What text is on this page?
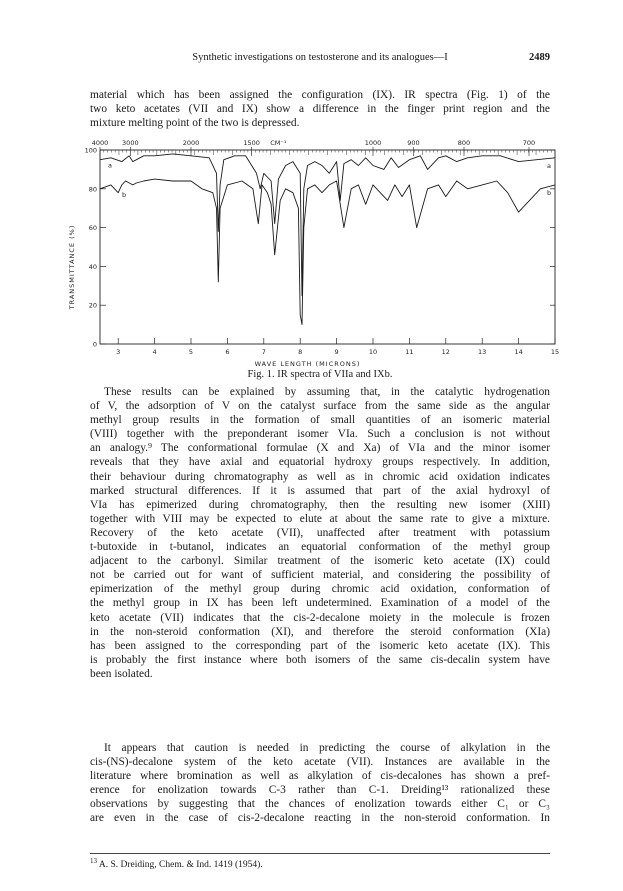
Synthetic investigations on testosterone and its analogues—I	2489
material which has been assigned the configuration (IX). IR spectra (Fig. 1) of the
two keto acetates (VII and IX) show a difference in the finger print region and the
mixture melting point of the two is depressed.
4000 3000	2000	1500	1000	900	800	700
CM⁻¹
3	4	5	6	7	8	9	10	11	12	13	14	15
0
20
40
60
80
100
WAVE LENGTH (MICRONS)
TRANSMITTANCE (%)
a	a
b	b
Fig. 1. IR spectra of VIIa and IXb.
These results can be explained by assuming that, in the catalytic hydrogenation
of V, the adsorption of V on the catalyst surface from the same side as the angular
methyl group results in the formation of small quantities of an isomeric material
(VIII) together with the preponderant isomer VIa. Such a conclusion is not without
an analogy.⁹ The conformational formulae (X and Xa) of VIa and the minor isomer
reveals that they have axial and equatorial hydroxy groups respectively. In addition,
their behaviour during chromatography as well as in chromic acid oxidation indicates
marked structural differences. If it is assumed that part of the axial hydroxyl of
VIa has epimerized during chromatography, then the resulting new isomer (XIII)
together with VIII may be expected to elute at about the same rate to give a mixture.
Recovery of the keto acetate (VII), unaffected after treatment with potassium
t-butoxide in t-butanol, indicates an equatorial conformation of the methyl group
adjacent to the carbonyl. Similar treatment of the isomeric keto acetate (IX) could
not be carried out for want of sufficient material, and considering the possibility of
epimerization of the methyl group during chromic acid oxidation, conformation of
the methyl group in IX has been left undetermined. Examination of a model of the
keto acetate (VII) indicates that the cis-2-decalone moiety in the molecule is frozen
in the non-steroid conformation (XI), and therefore the steroid conformation (XIa)
has been assigned to the corresponding part of the isomeric keto acetate (IX). This
is probably the first instance where both isomers of the same cis-decalin system have
been isolated.
It appears that caution is needed in predicting the course of alkylation in the
cis-(NS)-decalone system of the keto acetate (VII). Instances are available in the
literature where bromination as well as alkylation of cis-decalones has shown a pref-
erence for enolization towards C-3 rather than C-1. Dreiding¹³ rationalized these
observations by suggesting that the chances of enolization towards either C₁ or C₃
are even in the case of cis-2-decalone reacting in the non-steroid conformation. In
$^{13}$ A. S. Dreiding, Chem. & Ind. 1419 (1954).
